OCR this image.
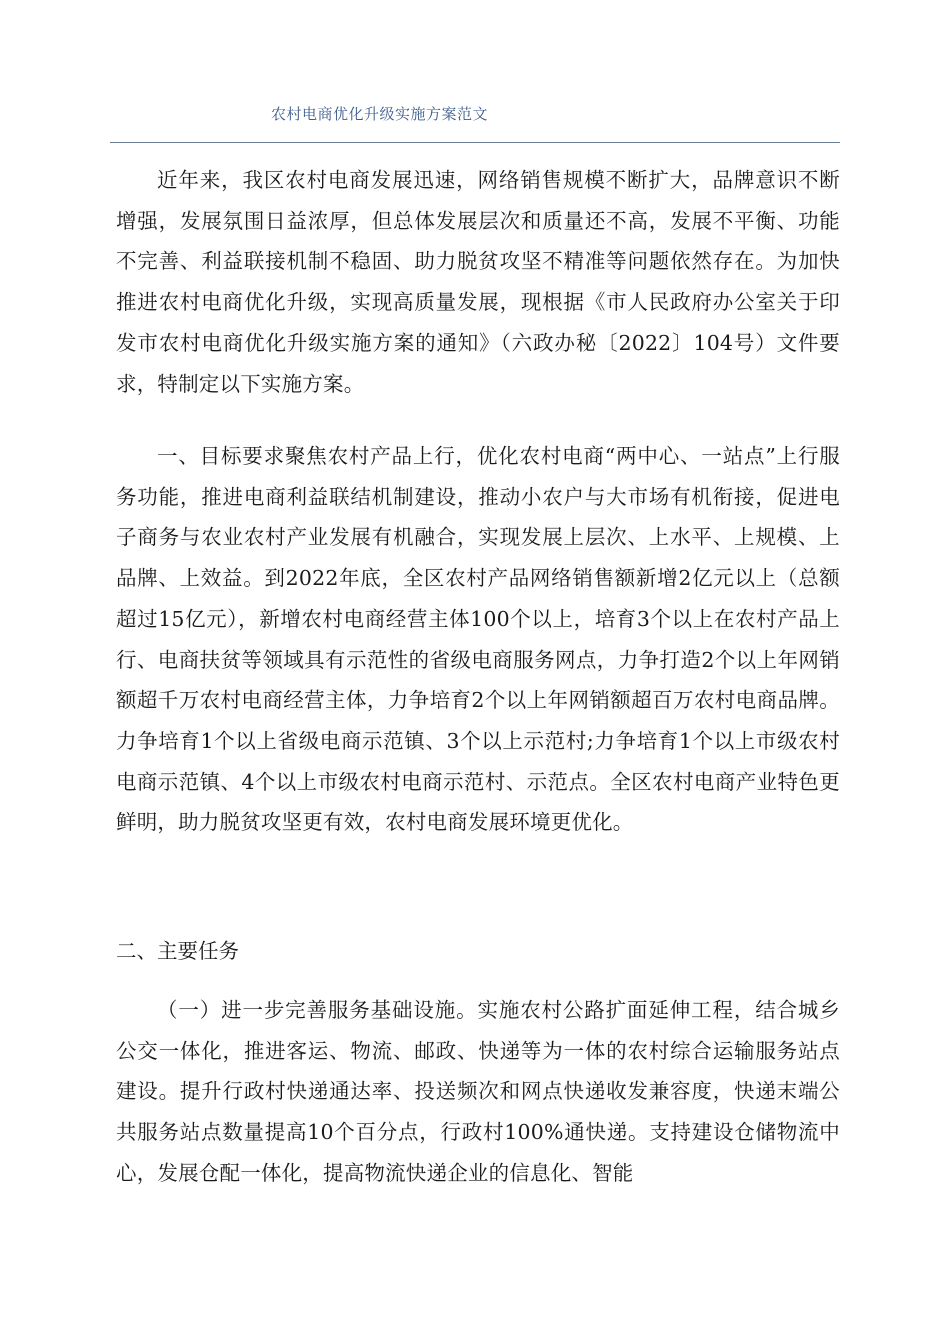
农村电商优化升级实施方案范文

近年来，我区农村电商发展迅速，网络销售规模不断扩大，品牌意识不断增强，发展氛围日益浓厚，但总体发展层次和质量还不高，发展不平衡、功能不完善、利益联接机制不稳固、助力脱贫攻坚不精准等问题依然存在。为加快推进农村电商优化升级，实现高质量发展，现根据《市人民政府办公室关于印发市农村电商优化升级实施方案的通知》（六政办秘〔2022〕104号）文件要求，特制定以下实施方案。

一、目标要求聚焦农村产品上行，优化农村电商“两中心、一站点”上行服务功能，推进电商利益联结机制建设，推动小农户与大市场有机衔接，促进电子商务与农业农村产业发展有机融合，实现发展上层次、上水平、上规模、上品牌、上效益。到2022年底，全区农村产品网络销售额新增2亿元以上（总额超过15亿元），新增农村电商经营主体100个以上，培育3个以上在农村产品上行、电商扶贫等领域具有示范性的省级电商服务网点，力争打造2个以上年网销额超千万农村电商经营主体，力争培育2个以上年网销额超百万农村电商品牌。力争培育1个以上省级电商示范镇、3个以上示范村;力争培育1个以上市级农村电商示范镇、4个以上市级农村电商示范村、示范点。全区农村电商产业特色更鲜明，助力脱贫攻坚更有效，农村电商发展环境更优化。

二、主要任务

（一）进一步完善服务基础设施。实施农村公路扩面延伸工程，结合城乡公交一体化，推进客运、物流、邮政、快递等为一体的农村综合运输服务站点建设。提升行政村快递通达率、投送频次和网点快递收发兼容度，快递末端公共服务站点数量提高10个百分点，行政村100%通快递。支持建设仓储物流中心，发展仓配一体化，提高物流快递企业的信息化、智能
